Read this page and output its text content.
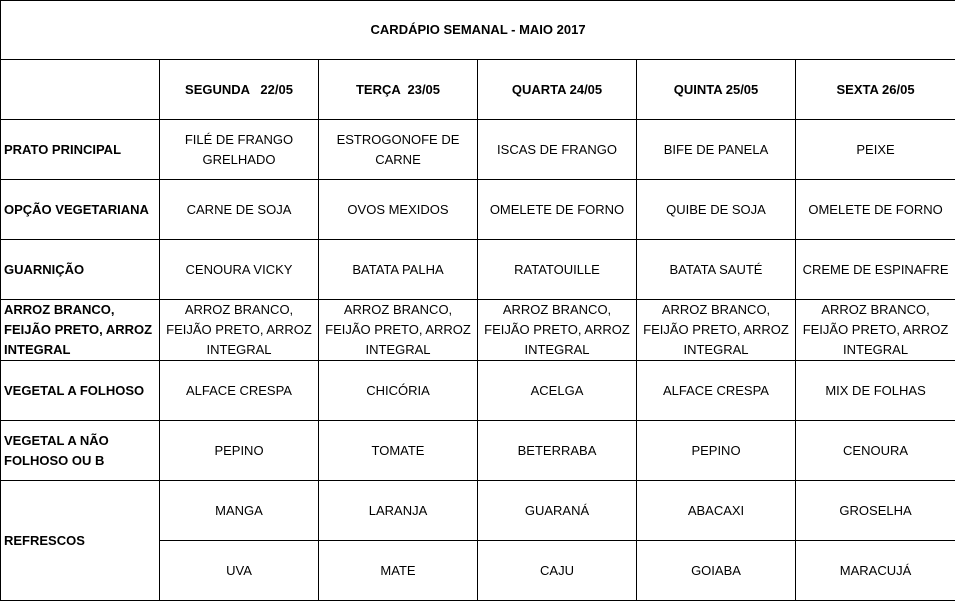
CARDÁPIO SEMANAL - MAIO 2017					
	SEGUNDA   22/05	TERÇA  23/05	QUARTA 24/05	QUINTA 25/05	SEXTA 26/05
PRATO PRINCIPAL	FILÉ DE FRANGO GRELHADO	ESTROGONOFE DE CARNE	ISCAS DE FRANGO	BIFE DE PANELA	PEIXE
OPÇÃO VEGETARIANA	CARNE DE SOJA	OVOS MEXIDOS	OMELETE DE FORNO	QUIBE DE SOJA	OMELETE DE FORNO
GUARNIÇÃO	CENOURA VICKY	BATATA PALHA	RATATOUILLE	BATATA SAUTÉ	CREME DE ESPINAFRE
ARROZ BRANCO, FEIJÃO PRETO, ARROZ INTEGRAL	ARROZ BRANCO, FEIJÃO PRETO, ARROZ INTEGRAL	ARROZ BRANCO, FEIJÃO PRETO, ARROZ INTEGRAL	ARROZ BRANCO, FEIJÃO PRETO, ARROZ INTEGRAL	ARROZ BRANCO, FEIJÃO PRETO, ARROZ INTEGRAL	ARROZ BRANCO, FEIJÃO PRETO, ARROZ INTEGRAL
VEGETAL A FOLHOSO	ALFACE CRESPA	CHICÓRIA	ACELGA	ALFACE CRESPA	MIX DE FOLHAS
VEGETAL A NÃO FOLHOSO OU B	PEPINO	TOMATE	BETERRABA	PEPINO	CENOURA
REFRESCOS	MANGA	LARANJA	GUARANÁ	ABACAXI	GROSELHA
	UVA	MATE	CAJU	GOIABA	MARACUJÁ
